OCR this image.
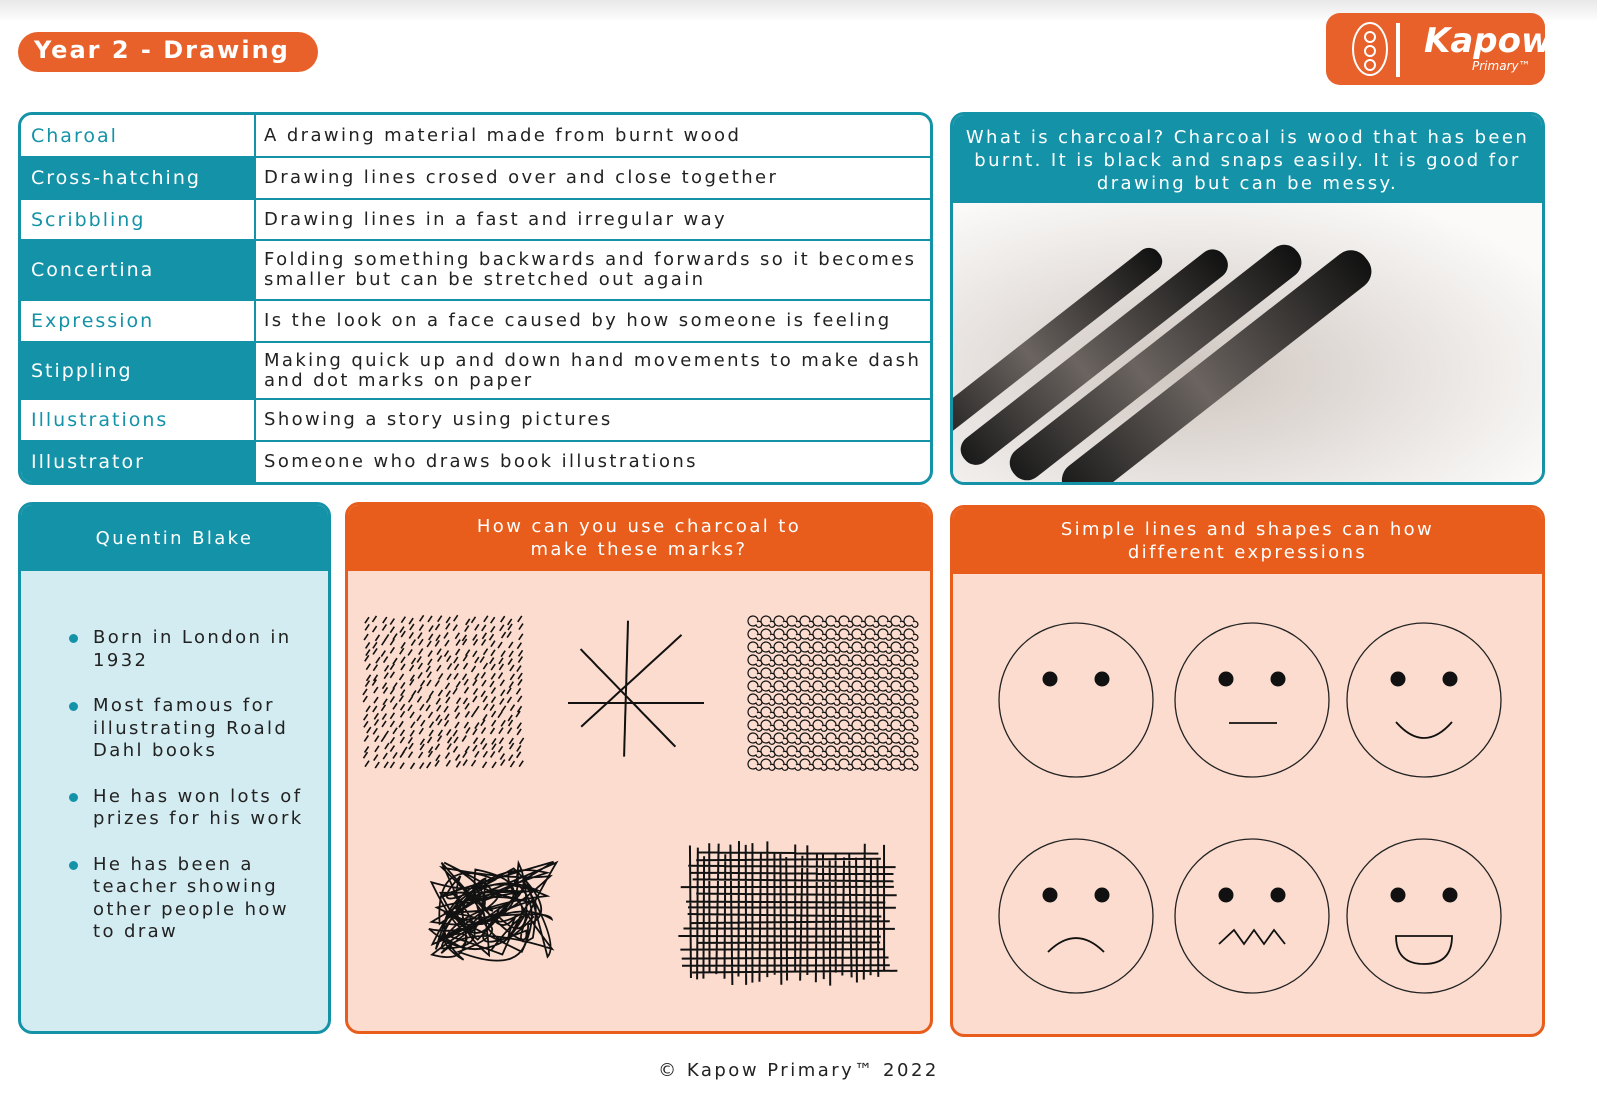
Year 2 - Drawing	Kapow
Primary™
Charoal	A drawing material made from burnt wood
Cross-hatching	Drawing lines crosed over and close together
Scribbling	Drawing lines in a fast and irregular way
Concertina	Folding something backwards and forwards so it becomes smaller but can be stretched out again
Expression	Is the look on a face caused by how someone is feeling
Stippling	Making quick up and down hand movements to make dash and dot marks on paper
Illustrations	Showing a story using pictures
Illustrator	Someone who draws book illustrations
What is charcoal? Charcoal is wood that has been burnt. It is black and snaps easily. It is good for drawing but can be messy.
Quentin Blake
Born in London in 1932
Most famous for illustrating Roald Dahl books
He has won lots of prizes for his work
He has been a teacher showing other people how to draw
How can you use charcoal to make these marks?
Simple lines and shapes can how different expressions
© Kapow Primary™ 2022
